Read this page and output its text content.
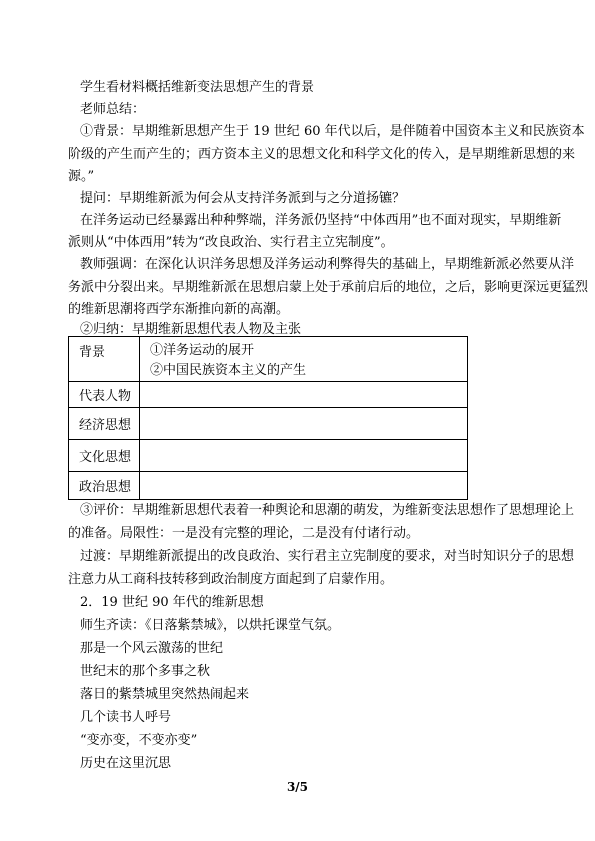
学生看材料概括维新变法思想产生的背景
老师总结：
①背景：早期维新思想产生于 19 世纪 60 年代以后，是伴随着中国资本主义和民族资本
阶级的产生而产生的；西方资本主义的思想文化和科学文化的传入，是早期维新思想的来
源。”
提问：早期维新派为何会从支持洋务派到与之分道扬镳？
在洋务运动已经暴露出种种弊端，洋务派仍坚持“中体西用”也不面对现实，早期维新
派则从“中体西用”转为“改良政治、实行君主立宪制度”。
教师强调：在深化认识洋务思想及洋务运动利弊得失的基础上，早期维新派必然要从洋
务派中分裂出来。早期维新派在思想启蒙上处于承前启后的地位，之后，影响更深远更猛烈
的维新思潮将西学东渐推向新的高潮。
②归纳：早期维新思想代表人物及主张
背景	①洋务运动的展开
②中国民族资本主义的产生

代表人物	
经济思想	
文化思想	
政治思想	
③评价：早期维新思想代表着一种舆论和思潮的萌发，为维新变法思想作了思想理论上
的准备。局限性：一是没有完整的理论，二是没有付诸行动。
过渡：早期维新派提出的改良政治、实行君主立宪制度的要求，对当时知识分子的思想
注意力从工商科技转移到政治制度方面起到了启蒙作用。
2．19 世纪 90 年代的维新思想
师生齐读：《日落紫禁城》，以烘托课堂气氛。
那是一个风云激荡的世纪
世纪末的那个多事之秋
落日的紫禁城里突然热闹起来
几个读书人呼号
“变亦变，不变亦变”
历史在这里沉思
3/5
